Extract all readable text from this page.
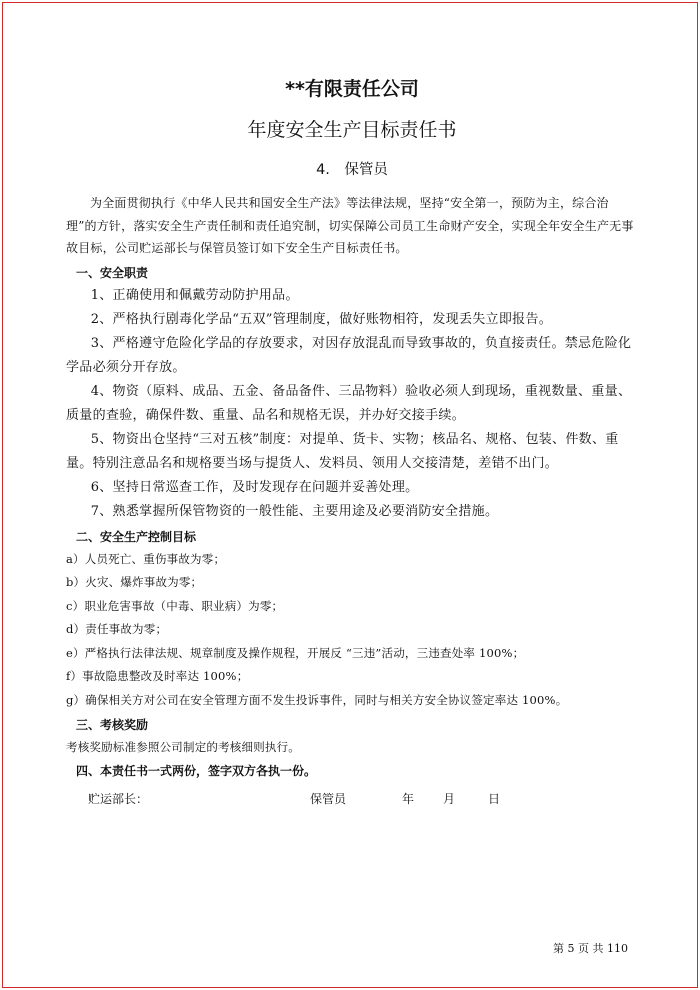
**有限责任公司
年度安全生产目标责任书
4.　保管员

为全面贯彻执行《中华人民共和国安全生产法》等法律法规，坚持“安全第一，预防为主，综合治理”的方针，落实安全生产责任制和责任追究制，切实保障公司员工生命财产安全，实现全年安全生产无事故目标，公司贮运部长与保管员签订如下安全生产目标责任书。

一、安全职责
1、正确使用和佩戴劳动防护用品。
2、严格执行剧毒化学品“五双”管理制度，做好账物相符，发现丢失立即报告。
3、严格遵守危险化学品的存放要求，对因存放混乱而导致事故的，负直接责任。禁忌危险化学品必须分开存放。
4、物资（原料、成品、五金、备品备件、三品物料）验收必须人到现场，重视数量、重量、质量的查验，确保件数、重量、品名和规格无误，并办好交接手续。
5、物资出仓坚持“三对五核”制度：对提单、货卡、实物；核品名、规格、包装、件数、重量。特别注意品名和规格要当场与提货人、发料员、领用人交接清楚，差错不出门。
6、坚持日常巡查工作，及时发现存在问题并妥善处理。
7、熟悉掌握所保管物资的一般性能、主要用途及必要消防安全措施。
二、安全生产控制目标
a）人员死亡、重伤事故为零；
b）火灾、爆炸事故为零；
c）职业危害事故（中毒、职业病）为零；
d）责任事故为零；
e）严格执行法律法规、规章制度及操作规程，开展反 “三违”活动，三违查处率 100%；
f）事故隐患整改及时率达 100%；
g）确保相关方对公司在安全管理方面不发生投诉事件，同时与相关方安全协议签定率达 100%。
三、考核奖励
考核奖励标准参照公司制定的考核细则执行。
四、本责任书一式两份，签字双方各执一份。
贮运部长：	保管员	年 月	日
第 5 页 共 110
